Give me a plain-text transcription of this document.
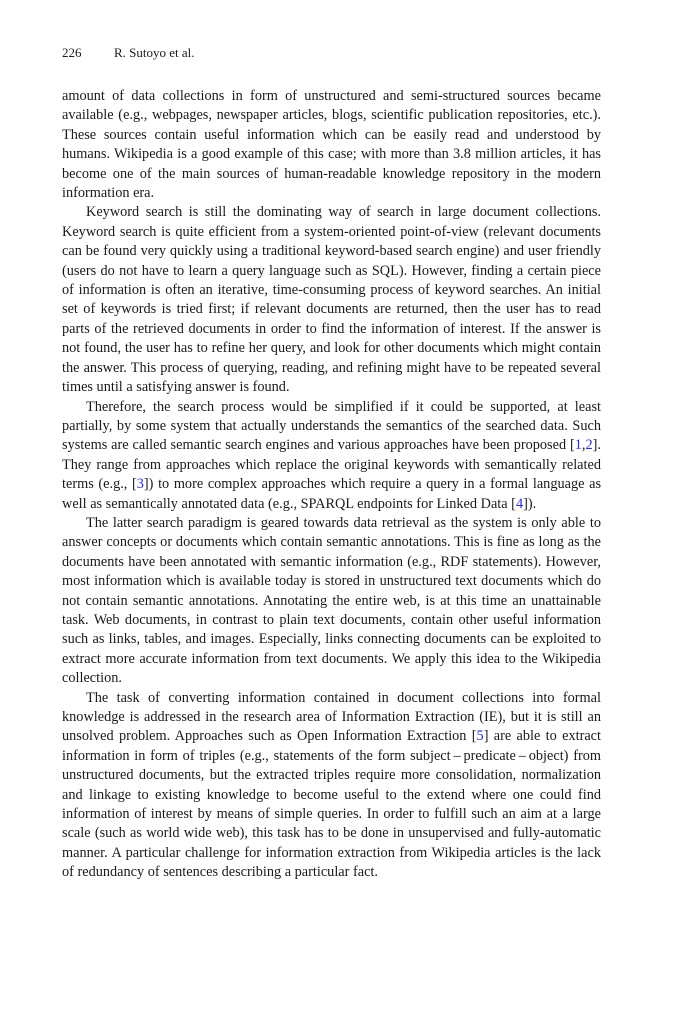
226	R. Sutoyo et al.

amount of data collections in form of unstructured and semi-structured sources became available (e.g., webpages, newspaper articles, blogs, scientific publication repositories, etc.). These sources contain useful information which can be easily read and understood by humans. Wikipedia is a good example of this case; with more than 3.8 million articles, it has become one of the main sources of human-readable knowledge repository in the modern information era.

Keyword search is still the dominating way of search in large document collections. Keyword search is quite efficient from a system-oriented point-of-view (relevant documents can be found very quickly using a traditional keyword-based search engine) and user friendly (users do not have to learn a query language such as SQL). However, finding a certain piece of information is often an iterative, time-consuming process of keyword searches. An initial set of keywords is tried first; if relevant documents are returned, then the user has to read parts of the retrieved documents in order to find the information of interest. If the answer is not found, the user has to refine her query, and look for other documents which might contain the answer. This process of querying, reading, and refining might have to be repeated several times until a satisfying answer is found.

Therefore, the search process would be simplified if it could be supported, at least partially, by some system that actually understands the semantics of the searched data. Such systems are called semantic search engines and various approaches have been proposed [1,2]. They range from approaches which replace the original keywords with semantically related terms (e.g., [3]) to more complex approaches which require a query in a formal language as well as semantically annotated data (e.g., SPARQL endpoints for Linked Data [4]).

The latter search paradigm is geared towards data retrieval as the system is only able to answer concepts or documents which contain semantic annotations. This is fine as long as the documents have been annotated with semantic information (e.g., RDF statements). However, most information which is available today is stored in unstructured text documents which do not contain semantic annotations. Annotating the entire web, is at this time an unattainable task. Web documents, in contrast to plain text documents, contain other useful information such as links, tables, and images. Especially, links connecting documents can be exploited to extract more accurate information from text documents. We apply this idea to the Wikipedia collection.

The task of converting information contained in document collections into formal knowledge is addressed in the research area of Information Extraction (IE), but it is still an unsolved problem. Approaches such as Open Information Extraction [5] are able to extract information in form of triples (e.g., statements of the form subject – predicate – object) from unstructured documents, but the extracted triples require more consolidation, normalization and linkage to existing knowledge to become useful to the extend where one could find information of interest by means of simple queries. In order to fulfill such an aim at a large scale (such as world wide web), this task has to be done in unsupervised and fully-automatic manner. A particular challenge for information extraction from Wikipedia articles is the lack of redundancy of sentences describing a particular fact.
